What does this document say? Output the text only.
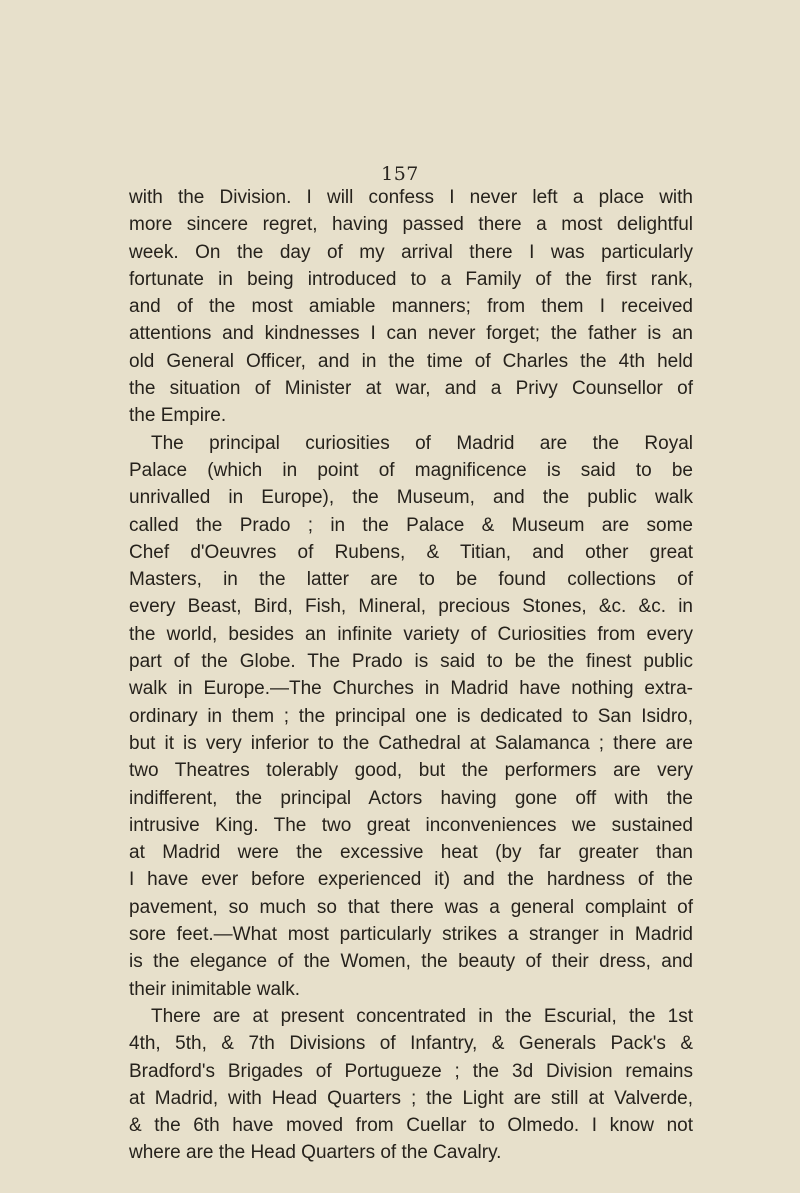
157
with the Division. I will confess I never left a place with
more sincere regret, having passed there a most delightful
week. On the day of my arrival there I was particularly
fortunate in being introduced to a Family of the first rank,
and of the most amiable manners; from them I received
attentions and kindnesses I can never forget; the father is an
old General Officer, and in the time of Charles the 4th held
the situation of Minister at war, and a Privy Counsellor of
the Empire.
The principal curiosities of Madrid are the Royal
Palace (which in point of magnificence is said to be
unrivalled in Europe), the Museum, and the public walk
called the Prado ; in the Palace & Museum are some
Chef d'Oeuvres of Rubens, & Titian, and other great
Masters, in the latter are to be found collections of
every Beast, Bird, Fish, Mineral, precious Stones, &c. &c. in
the world, besides an infinite variety of Curiosities from every
part of the Globe. The Prado is said to be the finest public
walk in Europe.—The Churches in Madrid have nothing extra-
ordinary in them ; the principal one is dedicated to San Isidro,
but it is very inferior to the Cathedral at Salamanca ; there are
two Theatres tolerably good, but the performers are very
indifferent, the principal Actors having gone off with the
intrusive King. The two great inconveniences we sustained
at Madrid were the excessive heat (by far greater than
I have ever before experienced it) and the hardness of the
pavement, so much so that there was a general complaint of
sore feet.—What most particularly strikes a stranger in Madrid
is the elegance of the Women, the beauty of their dress, and
their inimitable walk.
There are at present concentrated in the Escurial, the 1st
4th, 5th, & 7th Divisions of Infantry, & Generals Pack's &
Bradford's Brigades of Portugueze ; the 3d Division remains
at Madrid, with Head Quarters ; the Light are still at Valverde,
& the 6th have moved from Cuellar to Olmedo. I know not
where are the Head Quarters of the Cavalry.
